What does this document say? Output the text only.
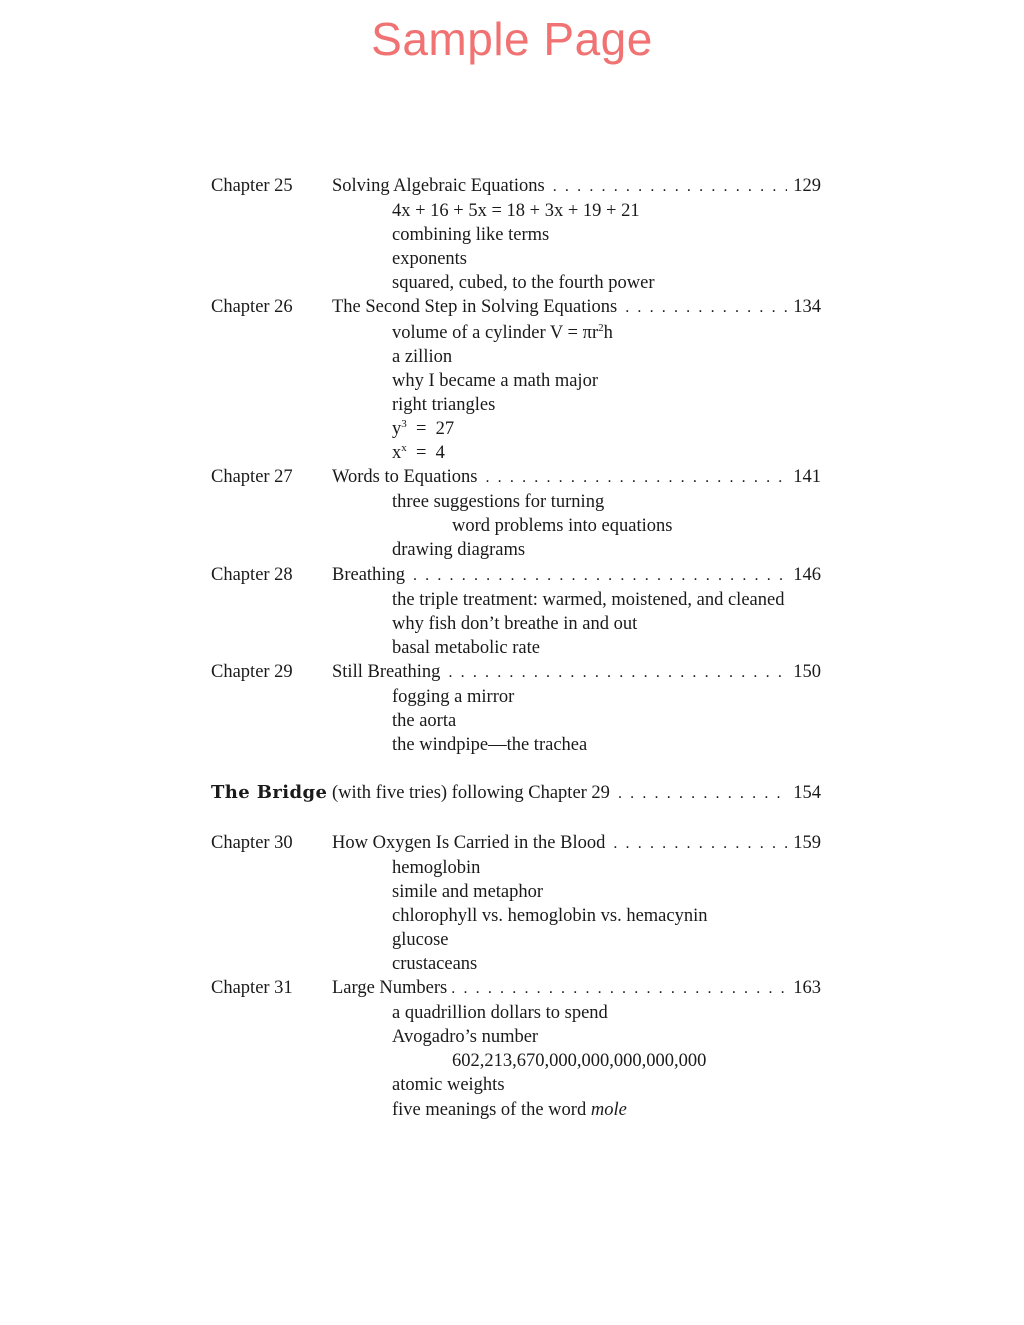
Sample Page
Chapter 25	Solving Algebraic Equations . . .	129
4x + 16 + 5x = 18 + 3x + 19 + 21
combining like terms
exponents
squared, cubed, to the fourth power
Chapter 26	The Second Step in Solving Equations . . .	134
volume of a cylinder $V = \pi r^2h$
a zillion
why I became a math major
right triangles
$y^3 = 27$
$x^x = 4$
Chapter 27	Words to Equations . . .	141
three suggestions for turning
word problems into equations
drawing diagrams
Chapter 28	Breathing . . .	146
the triple treatment: warmed, moistened, and cleaned
why fish don’t breathe in and out
basal metabolic rate
Chapter 29	Still Breathing . . .	150
fogging a mirror
the aorta
the windpipe—the trachea
The Bridge (with five tries) following Chapter 29 . . .	154
Chapter 30	How Oxygen Is Carried in the Blood . . .	159
hemoglobin
simile and metaphor
chlorophyll vs. hemoglobin vs. hemacynin
glucose
crustaceans
Chapter 31	Large Numbers . . .	163
a quadrillion dollars to spend
Avogadro’s number
602,213,670,000,000,000,000,000
atomic weights
five meanings of the word mole
